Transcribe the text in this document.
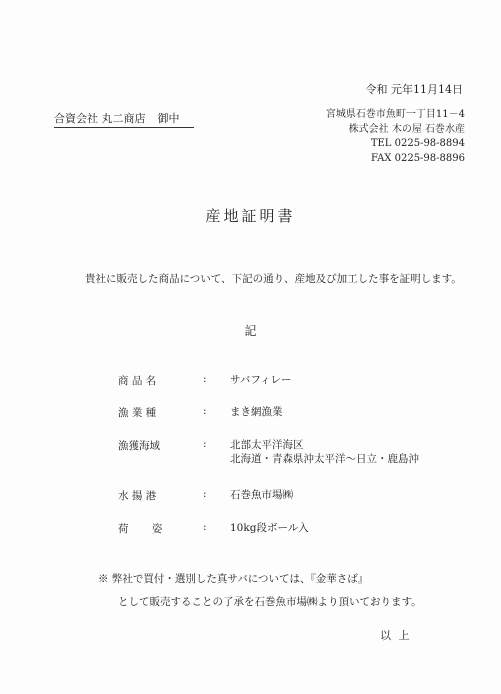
令和 元年11月14日
合資会社 丸二商店 御中	宮城県石巻市魚町一丁目11－4
株式会社 木の屋 石巻水産
TEL 0225-98-8894
FAX 0225-98-8896
産地証明書
貴社に販売した商品について、下記の通り、産地及び加工した事を証明します。
記
商 品 名	: サバフィレー
漁 業 種	: まき網漁業
漁獲海域	: 北部太平洋海区
北海道・青森県沖太平洋～日立・鹿島沖
水 揚 港	: 石巻魚市場㈱
荷 姿	: 10kg段ボール入
※ 弊社で買付・選別した真サバについては、『金華さば』
として販売することの了承を石巻魚市場㈱より頂いております。
以 上
